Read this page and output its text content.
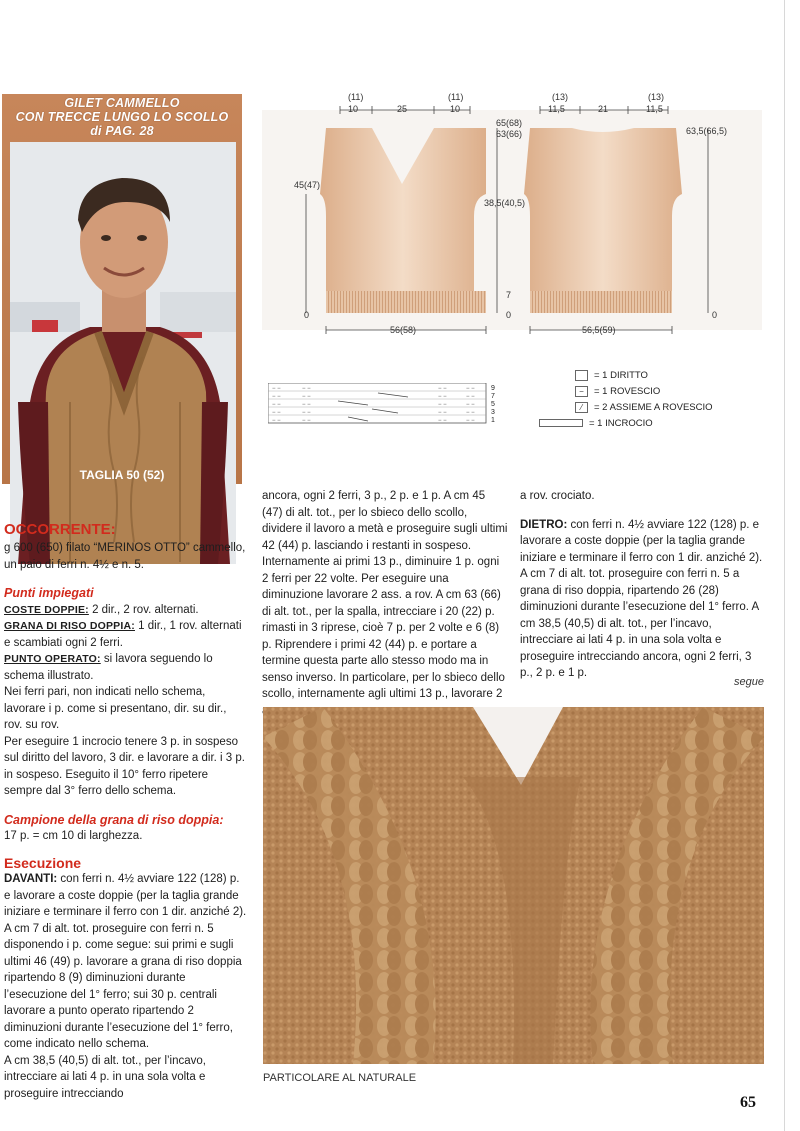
GILET CAMMELLO
CON TRECCE LUNGO LO SCOLLO
di PAG. 28
TAGLIA 50 (52)
(11)
10	25
(11)
10
65(68)
63(66)
45(47)
38,5(40,5)
7
0	0
56(58)
(13)
11,5	21
(13)
11,5
63,5(66,5)
0
56,5(59)
− −
− −
− −
− −
− −
− −
− −
− −
− −
− −
− −
− −
− −
− −
− −
− −
− −
− −
− −
− −
9
7
5
3
1
= 1 DIRITTO
−	= 1 ROVESCIO
⁄	= 2 ASSIEME A ROVESCIO
= 1 INCROCIO

OCCORRENTE:

g 600 (650) filato “MERINOS OTTO” cammello, un paio di ferri n. 4½ e n. 5.

Punti impiegati

COSTE DOPPIE: 2 dir., 2 rov. alternati.

GRANA DI RISO DOPPIA: 1 dir., 1 rov. alternati e scambiati ogni 2 ferri.

PUNTO OPERATO: si lavora seguendo lo schema illustrato.

Nei ferri pari, non indicati nello schema, lavorare i p. come si presentano, dir. su dir., rov. su rov.

Per eseguire 1 incrocio tenere 3 p. in sospeso sul diritto del lavoro, 3 dir. e lavorare a dir. i 3 p. in sospeso. Eseguito il 10° ferro ripetere sempre dal 3° ferro dello schema.

Campione della grana di riso doppia:

17 p. = cm 10 di larghezza.

Esecuzione

DAVANTI: con ferri n. 4½ avviare 122 (128) p. e lavorare a coste doppie (per la taglia grande iniziare e terminare il ferro con 1 dir. anziché 2). A cm 7 di alt. tot. proseguire con ferri n. 5 disponendo i p. come segue: sui primi e sugli ultimi 46 (49) p. lavorare a grana di riso doppia ripartendo 8 (9) diminuzioni durante l’esecuzione del 1° ferro; sui 30 p. centrali lavorare a punto operato ripartendo 2 diminuzioni durante l’esecuzione del 1° ferro, come indicato nello schema.

A cm 38,5 (40,5) di alt. tot., per l’incavo, intrecciare ai lati 4 p. in una sola volta e proseguire intrecciando

ancora, ogni 2 ferri, 3 p., 2 p. e 1 p. A cm 45 (47) di alt. tot., per lo sbieco dello scollo, dividere il lavoro a metà e proseguire sugli ultimi 42 (44) p. lasciando i restanti in sospeso. Internamente ai primi 13 p., diminuire 1 p. ogni 2 ferri per 22 volte. Per eseguire una diminuzione lavorare 2 ass. a rov. A cm 63 (66) di alt. tot., per la spalla, intrecciare i 20 (22) p. rimasti in 3 riprese, cioè 7 p. per 2 volte e 6 (8) p. Riprendere i primi 42 (44) p. e portare a termine questa parte allo stesso modo ma in senso inverso. In particolare, per lo sbieco dello scollo, internamente agli ultimi 13 p., lavorare 2

a rov. crociato.

DIETRO: con ferri n. 4½ avviare 122 (128) p. e lavorare a coste doppie (per la taglia grande iniziare e terminare il ferro con 1 dir. anziché 2). A cm 7 di alt. tot. proseguire con ferri n. 5 a grana di riso doppia, ripartendo 26 (28) diminuzioni durante l’esecuzione del 1° ferro. A cm 38,5 (40,5) di alt. tot., per l’incavo, intrecciare ai lati 4 p. in una sola volta e proseguire intrecciando ancora, ogni 2 ferri, 3 p., 2 p. e 1 p.

segue
PARTICOLARE AL NATURALE
65
